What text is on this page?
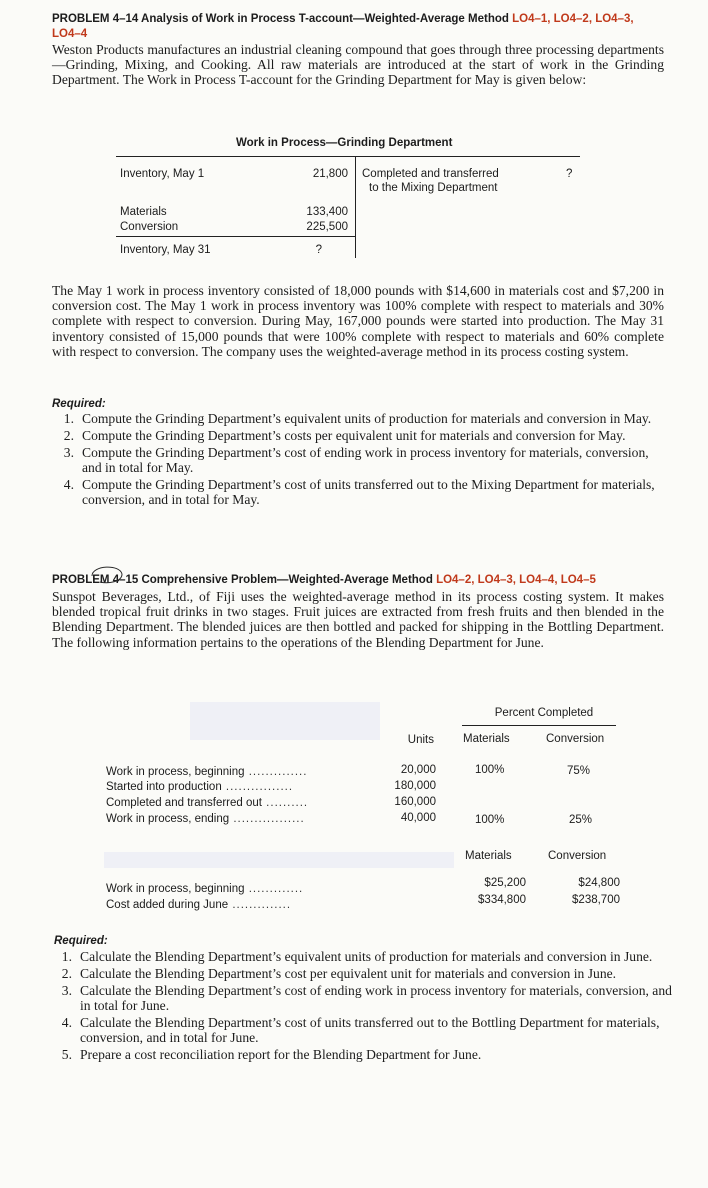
PROBLEM 4–14 Analysis of Work in Process T-account—Weighted-Average Method LO4–1, LO4–2, LO4–3, LO4–4
Weston Products manufactures an industrial cleaning compound that goes through three processing departments—Grinding, Mixing, and Cooking. All raw materials are introduced at the start of work in the Grinding Department. The Work in Process T-account for the Grinding Department for May is given below:
Work in Process—Grinding Department
Inventory, May 1	21,800
Materials	133,400
Conversion	225,500
Inventory, May 31	?
Completed and transferred
to the Mixing Department
?
The May 1 work in process inventory consisted of 18,000 pounds with $14,600 in materials cost and $7,200 in conversion cost. The May 1 work in process inventory was 100% complete with respect to materials and 30% complete with respect to conversion. During May, 167,000 pounds were started into production. The May 31 inventory consisted of 15,000 pounds that were 100% complete with respect to materials and 60% complete with respect to conversion. The company uses the weighted-average method in its process costing system.
Required:
1. Compute the Grinding Department’s equivalent units of production for materials and conversion in May.
2. Compute the Grinding Department’s costs per equivalent unit for materials and conversion for May.
3. Compute the Grinding Department’s cost of ending work in process inventory for materials, conversion, and in total for May.
4. Compute the Grinding Department’s cost of units transferred out to the Mixing Department for materials, conversion, and in total for May.
PROBLEM 4–15 Comprehensive Problem—Weighted-Average Method LO4–2, LO4–3, LO4–4, LO4–5
Sunspot Beverages, Ltd., of Fiji uses the weighted-average method in its process costing system. It makes blended tropical fruit drinks in two stages. Fruit juices are extracted from fresh fruits and then blended in the Blending Department. The blended juices are then bottled and packed for shipping in the Bottling Department. The following information pertains to the operations of the Blending Department for June.
Percent Completed
Units	Materials	Conversion
Work in process, beginning ..............	20,000	100%	75%
Started into production ................	180,000
Completed and transferred out ..........	160,000
Work in process, ending .................	40,000	100%	25%
Materials	Conversion
Work in process, beginning .............	$25,200	$24,800
Cost added during June ..............	$334,800	$238,700
Required:
1. Calculate the Blending Department’s equivalent units of production for materials and conversion in June.
2. Calculate the Blending Department’s cost per equivalent unit for materials and conversion in June.
3. Calculate the Blending Department’s cost of ending work in process inventory for materials, conversion, and in total for June.
4. Calculate the Blending Department’s cost of units transferred out to the Bottling Department for materials, conversion, and in total for June.
5. Prepare a cost reconciliation report for the Blending Department for June.
